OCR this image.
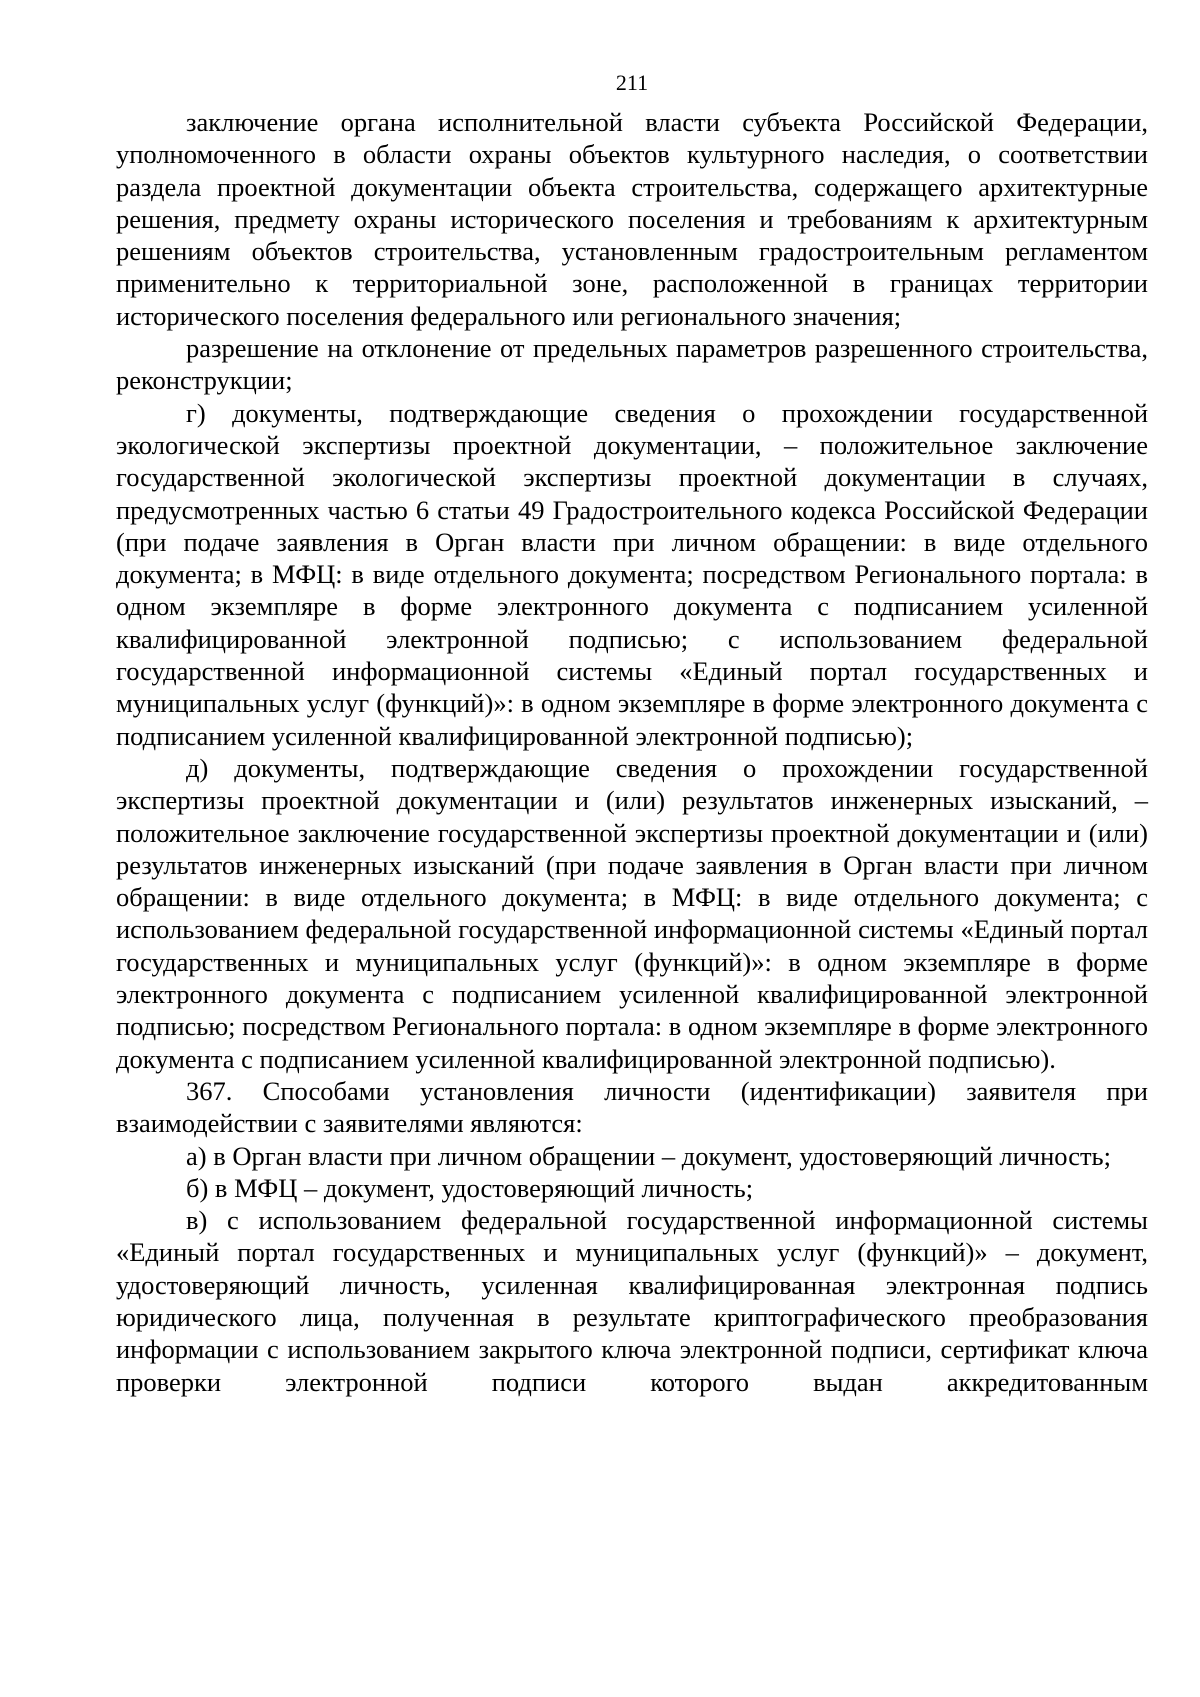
211

заключение органа исполнительной власти субъекта Российской Федерации, уполномоченного в области охраны объектов культурного наследия, о соответствии раздела проектной документации объекта строительства, содержащего архитектурные решения, предмету охраны исторического поселения и требованиям к архитектурным решениям объектов строительства, установленным градостроительным регламентом применительно к территориальной зоне, расположенной в границах территории исторического поселения федерального или регионального значения;

разрешение на отклонение от предельных параметров разрешенного строительства, реконструкции;

г) документы, подтверждающие сведения о прохождении государственной экологической экспертизы проектной документации, – положительное заключение государственной экологической экспертизы проектной документации в случаях, предусмотренных частью 6 статьи 49 Градостроительного кодекса Российской Федерации (при подаче заявления в Орган власти при личном обращении: в виде отдельного документа; в МФЦ: в виде отдельного документа; посредством Регионального портала: в одном экземпляре в форме электронного документа с подписанием усиленной квалифицированной электронной подписью; с использованием федеральной государственной информационной системы «Единый портал государственных и муниципальных услуг (функций)»: в одном экземпляре в форме электронного документа с подписанием усиленной квалифицированной электронной подписью);

д) документы, подтверждающие сведения о прохождении государственной экспертизы проектной документации и (или) результатов инженерных изысканий, – положительное заключение государственной экспертизы проектной документации и (или) результатов инженерных изысканий (при подаче заявления в Орган власти при личном обращении: в виде отдельного документа; в МФЦ: в виде отдельного документа; с использованием федеральной государственной информационной системы «Единый портал государственных и муниципальных услуг (функций)»: в одном экземпляре в форме электронного документа с подписанием усиленной квалифицированной электронной подписью; посредством Регионального портала: в одном экземпляре в форме электронного документа с подписанием усиленной квалифицированной электронной подписью).

367. Способами установления личности (идентификации) заявителя при взаимодействии с заявителями являются:

а) в Орган власти при личном обращении – документ, удостоверяющий личность;

б) в МФЦ – документ, удостоверяющий личность;

в) с использованием федеральной государственной информационной системы «Единый портал государственных и муниципальных услуг (функций)» – документ, удостоверяющий личность, усиленная квалифицированная электронная подпись юридического лица, полученная в результате криптографического преобразования информации с использованием закрытого ключа электронной подписи, сертификат ключа проверки электронной подписи которого выдан аккредитованным
